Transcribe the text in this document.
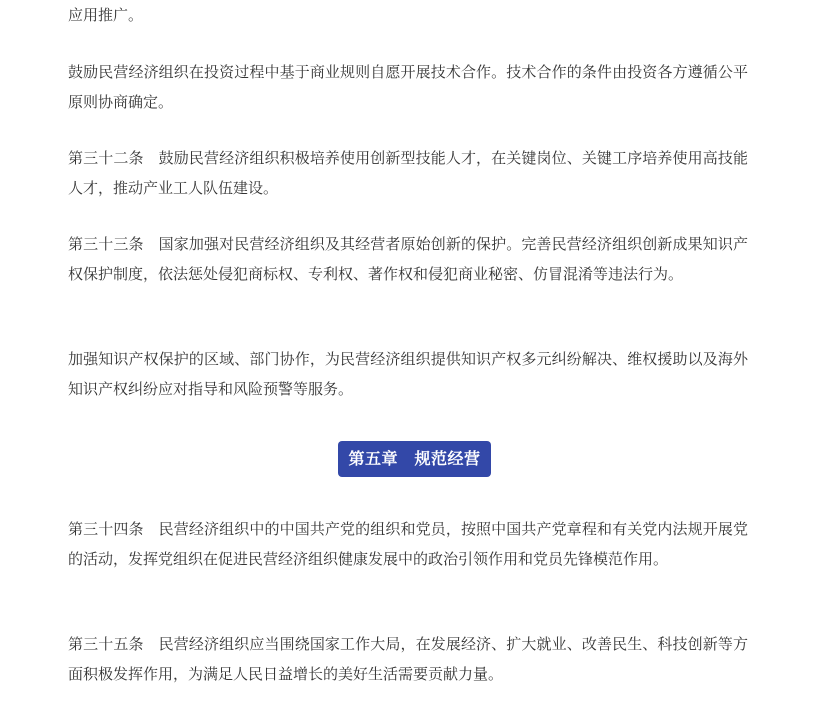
应用推广。

鼓励民营经济组织在投资过程中基于商业规则自愿开展技术合作。技术合作的条件由投资各方遵循公平原则协商确定。

第三十二条　鼓励民营经济组织积极培养使用创新型技能人才，在关键岗位、关键工序培养使用高技能人才，推动产业工人队伍建设。

第三十三条　国家加强对民营经济组织及其经营者原始创新的保护。完善民营经济组织创新成果知识产权保护制度，依法惩处侵犯商标权、专利权、著作权和侵犯商业秘密、仿冒混淆等违法行为。

加强知识产权保护的区域、部门协作，为民营经济组织提供知识产权多元纠纷解决、维权援助以及海外知识产权纠纷应对指导和风险预警等服务。

第五章　规范经营

第三十四条　民营经济组织中的中国共产党的组织和党员，按照中国共产党章程和有关党内法规开展党的活动，发挥党组织在促进民营经济组织健康发展中的政治引领作用和党员先锋模范作用。

第三十五条　民营经济组织应当围绕国家工作大局，在发展经济、扩大就业、改善民生、科技创新等方面积极发挥作用，为满足人民日益增长的美好生活需要贡献力量。
